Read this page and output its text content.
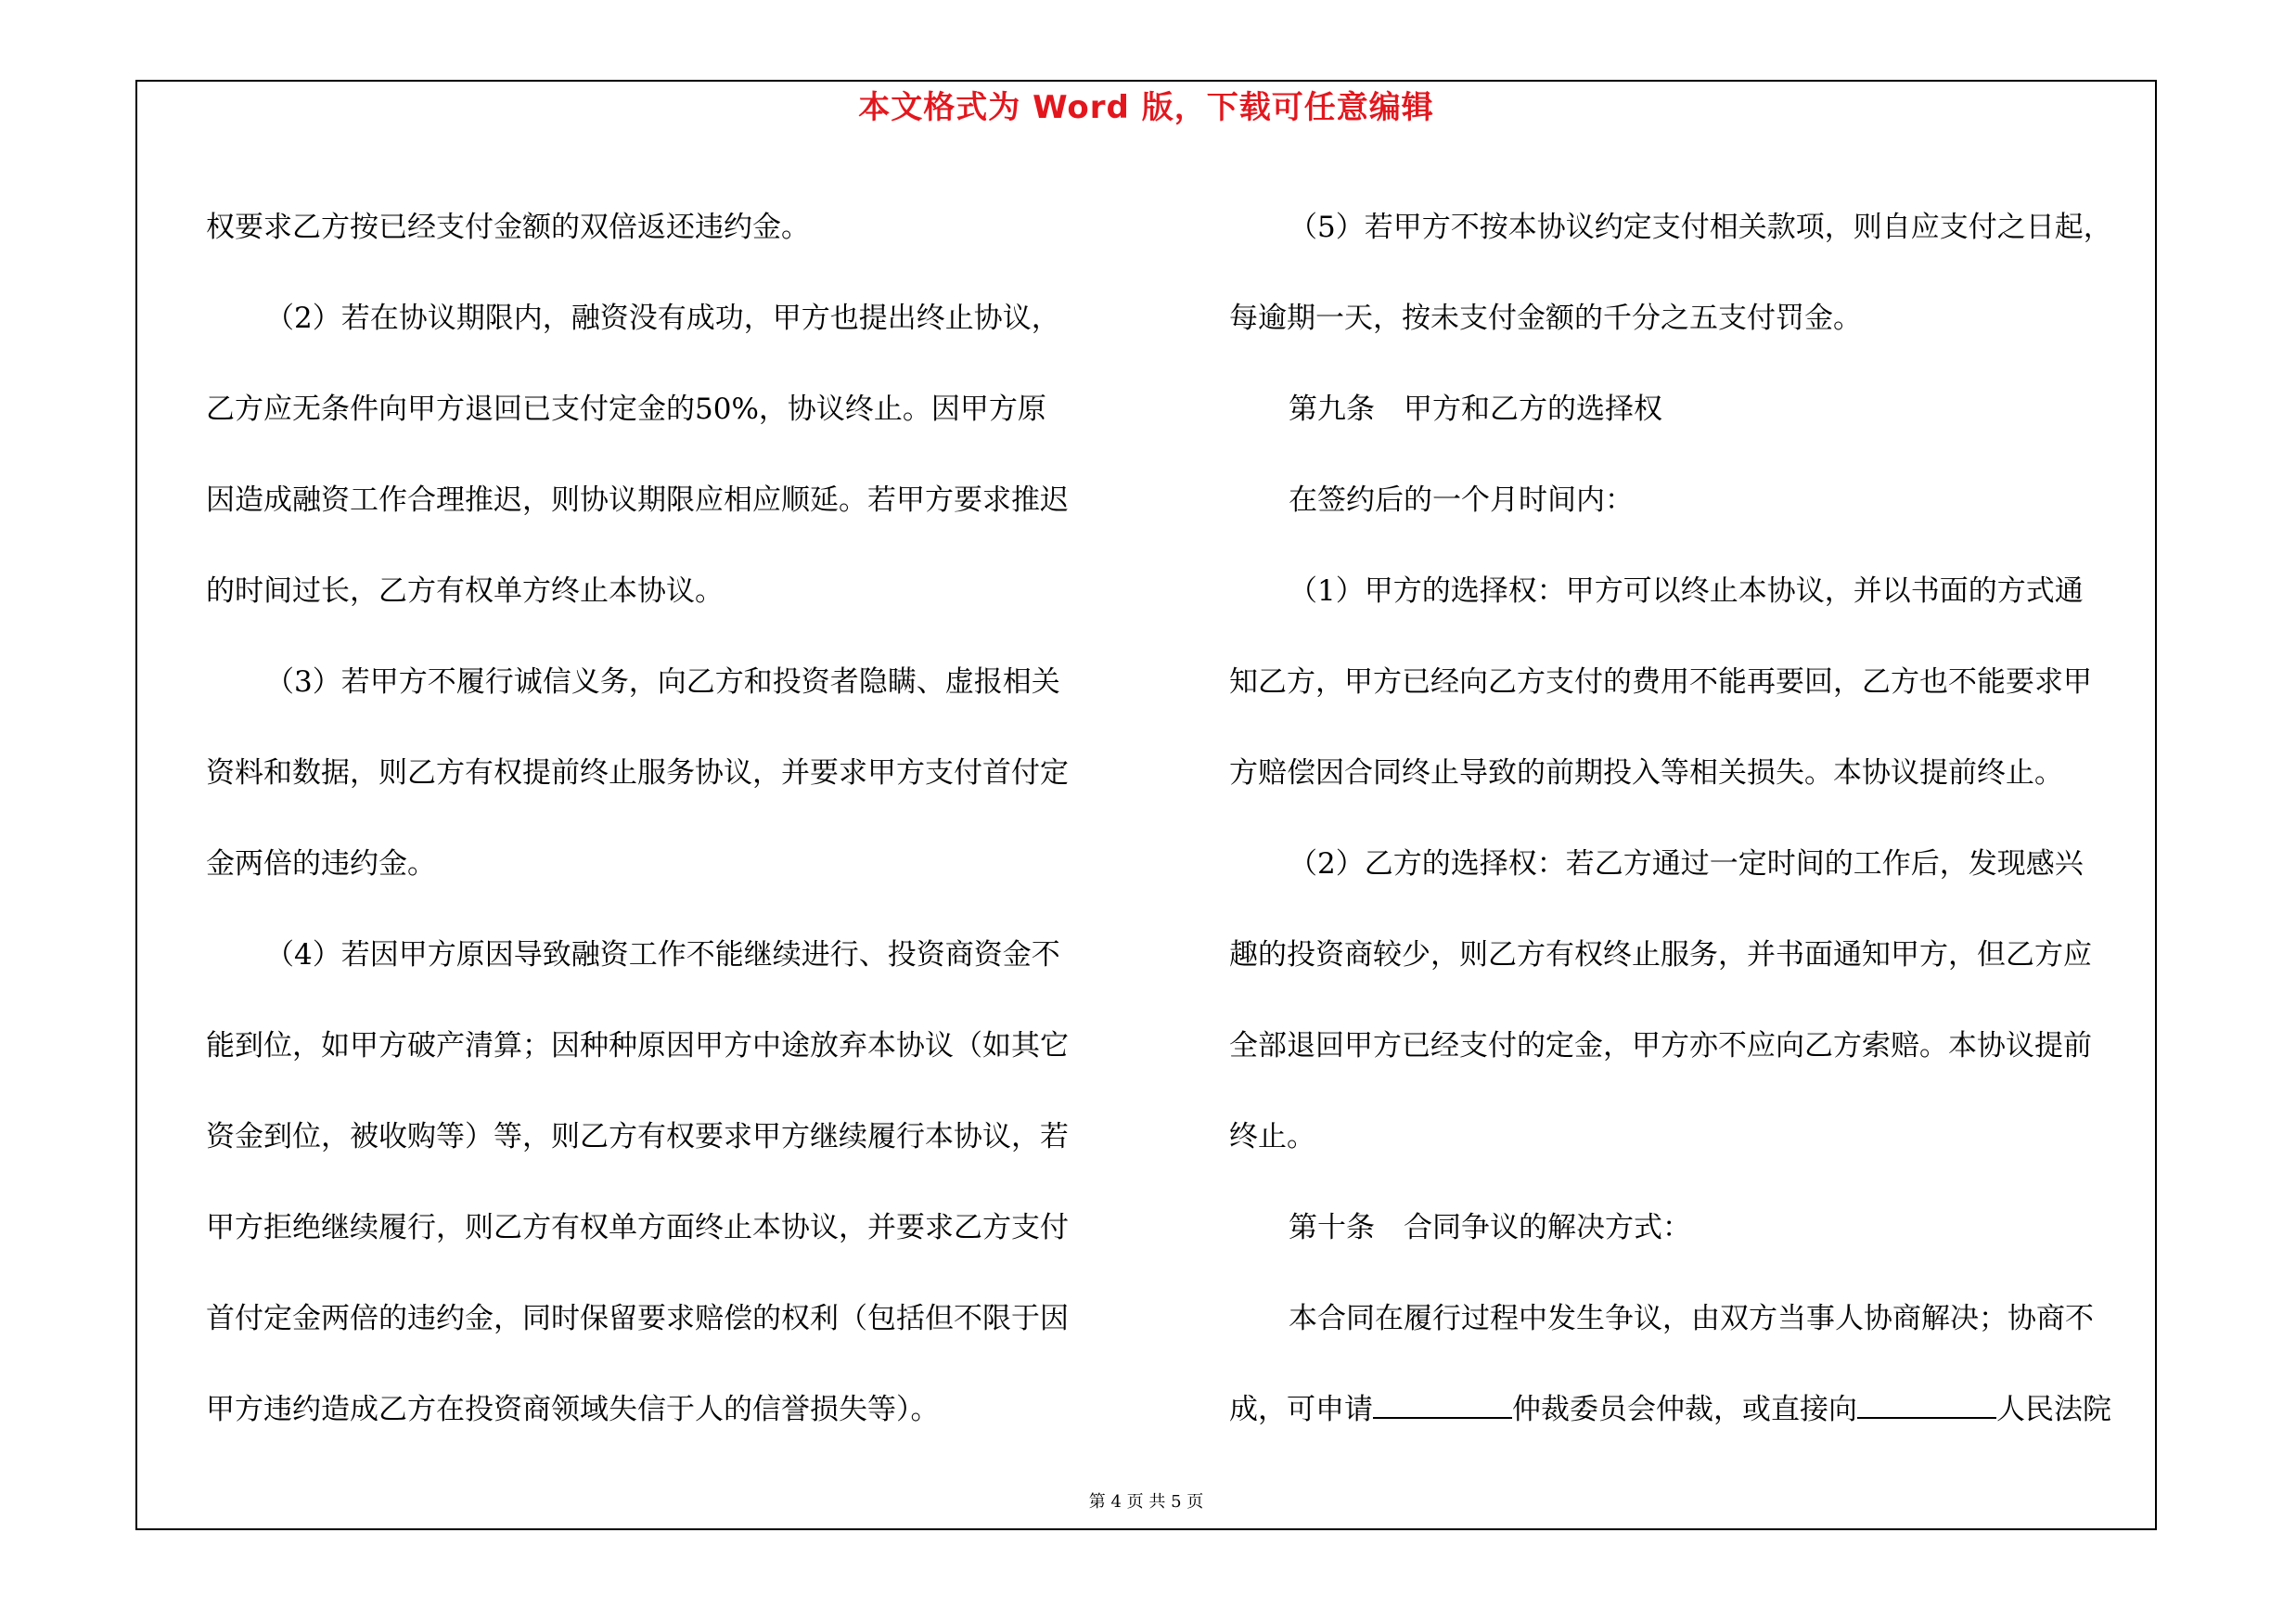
本文格式为 Word 版，下载可任意编辑
权要求乙方按已经支付金额的双倍返还违约金。
（2）若在协议期限内，融资没有成功，甲方也提出终止协议，
乙方应无条件向甲方退回已支付定金的50%，协议终止。因甲方原
因造成融资工作合理推迟，则协议期限应相应顺延。若甲方要求推迟
的时间过长，乙方有权单方终止本协议。
（3）若甲方不履行诚信义务，向乙方和投资者隐瞒、虚报相关
资料和数据，则乙方有权提前终止服务协议，并要求甲方支付首付定
金两倍的违约金。
（4）若因甲方原因导致融资工作不能继续进行、投资商资金不
能到位，如甲方破产清算；因种种原因甲方中途放弃本协议（如其它
资金到位，被收购等）等，则乙方有权要求甲方继续履行本协议，若
甲方拒绝继续履行，则乙方有权单方面终止本协议，并要求乙方支付
首付定金两倍的违约金，同时保留要求赔偿的权利（包括但不限于因
甲方违约造成乙方在投资商领域失信于人的信誉损失等）。
（5）若甲方不按本协议约定支付相关款项，则自应支付之日起，
每逾期一天，按未支付金额的千分之五支付罚金。
第九条　甲方和乙方的选择权
在签约后的一个月时间内：
（1）甲方的选择权：甲方可以终止本协议，并以书面的方式通
知乙方，甲方已经向乙方支付的费用不能再要回，乙方也不能要求甲
方赔偿因合同终止导致的前期投入等相关损失。本协议提前终止。
（2）乙方的选择权：若乙方通过一定时间的工作后，发现感兴
趣的投资商较少，则乙方有权终止服务，并书面通知甲方，但乙方应
全部退回甲方已经支付的定金，甲方亦不应向乙方索赔。本协议提前
终止。
第十条　合同争议的解决方式：
本合同在履行过程中发生争议，由双方当事人协商解决；协商不
成，可申请	仲裁委员会仲裁，或直接向	人民法院
第 4 页 共 5 页
